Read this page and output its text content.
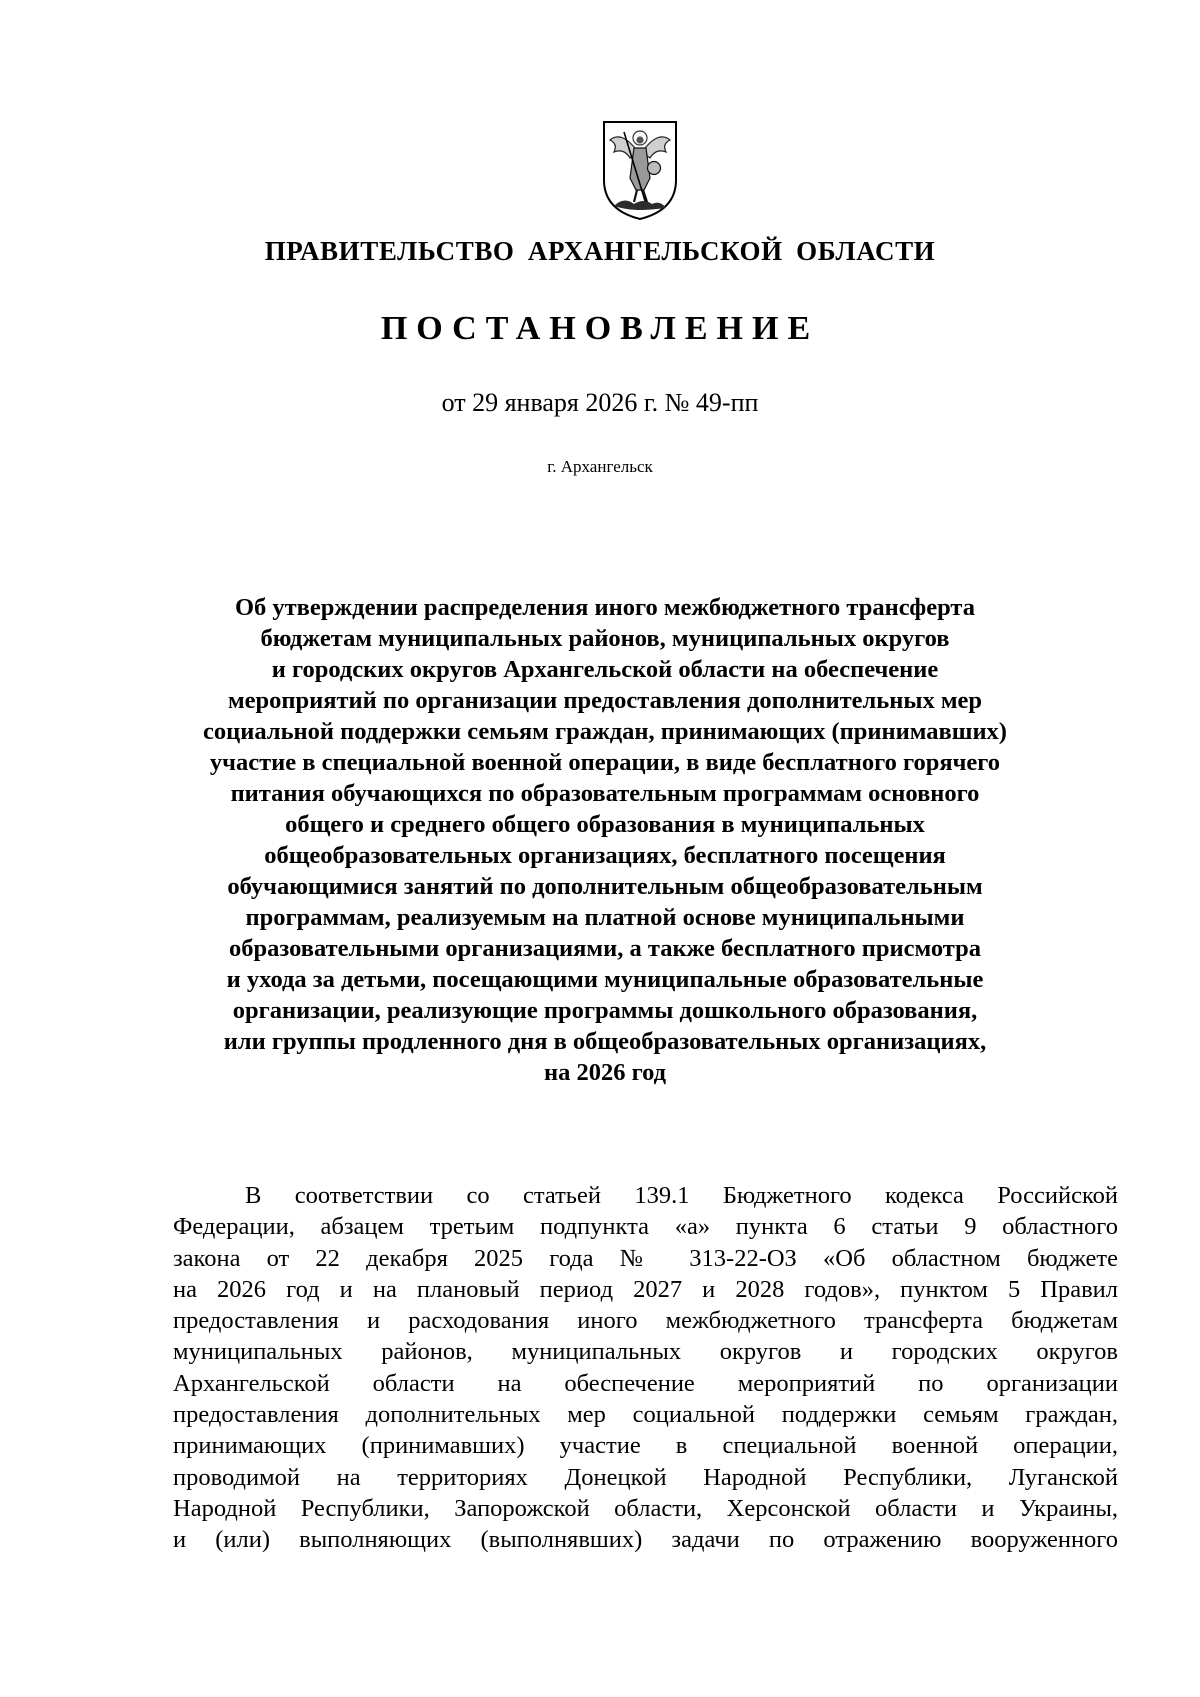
ПРАВИТЕЛЬСТВО АРХАНГЕЛЬСКОЙ ОБЛАСТИ
ПОСТАНОВЛЕНИЕ
от 29 января 2026 г. № 49-пп
г. Архангельск
Об утверждении распределения иного межбюджетного трансферта
бюджетам муниципальных районов, муниципальных округов
и городских округов Архангельской области на обеспечение
мероприятий по организации предоставления дополнительных мер
социальной поддержки семьям граждан, принимающих (принимавших)
участие в специальной военной операции, в виде бесплатного горячего
питания обучающихся по образовательным программам основного
общего и среднего общего образования в муниципальных
общеобразовательных организациях, бесплатного посещения
обучающимися занятий по дополнительным общеобразовательным
программам, реализуемым на платной основе муниципальными
образовательными организациями, а также бесплатного присмотра
и ухода за детьми, посещающими муниципальные образовательные
организации, реализующие программы дошкольного образования,
или группы продленного дня в общеобразовательных организациях,
на 2026 год
В соответствии со статьей 139.1 Бюджетного кодекса Российской
Федерации, абзацем третьим подпункта «а» пункта 6 статьи 9 областного
закона от 22 декабря 2025 года № 313-22-ОЗ «Об областном бюджете
на 2026 год и на плановый период 2027 и 2028 годов», пунктом 5 Правил
предоставления и расходования иного межбюджетного трансферта бюджетам
муниципальных районов, муниципальных округов и городских округов
Архангельской области на обеспечение мероприятий по организации
предоставления дополнительных мер социальной поддержки семьям граждан,
принимающих (принимавших) участие в специальной военной операции,
проводимой на территориях Донецкой Народной Республики, Луганской
Народной Республики, Запорожской области, Херсонской области и Украины,
и (или) выполняющих (выполнявших) задачи по отражению вооруженного
